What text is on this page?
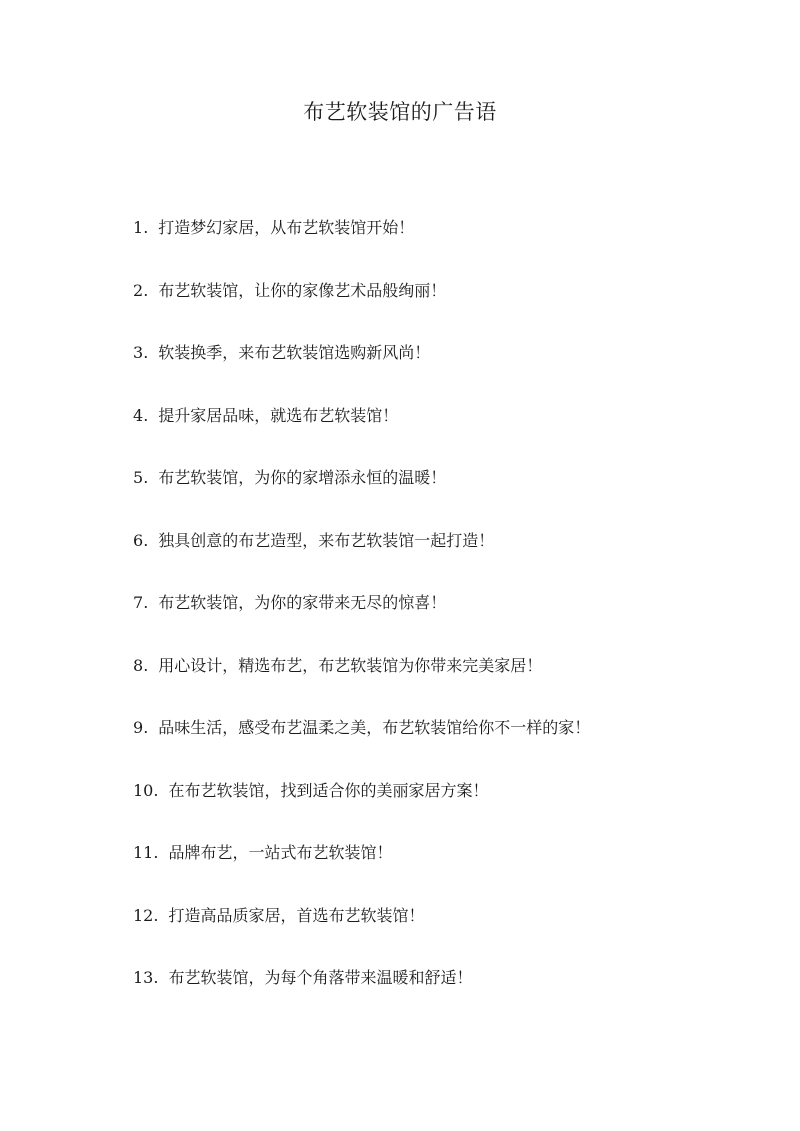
布艺软装馆的广告语
1 . 打造梦幻家居，从布艺软装馆开始！
2 . 布艺软装馆，让你的家像艺术品般绚丽！
3 . 软装换季，来布艺软装馆选购新风尚！
4 . 提升家居品味，就选布艺软装馆！
5 . 布艺软装馆，为你的家增添永恒的温暖！
6 . 独具创意的布艺造型，来布艺软装馆一起打造！
7 . 布艺软装馆，为你的家带来无尽的惊喜！
8 . 用心设计，精选布艺，布艺软装馆为你带来完美家居！
9 . 品味生活，感受布艺温柔之美，布艺软装馆给你不一样的家！
10 . 在布艺软装馆，找到适合你的美丽家居方案！
11 . 品牌布艺，一站式布艺软装馆！
12 . 打造高品质家居，首选布艺软装馆！
13 . 布艺软装馆，为每个角落带来温暖和舒适！
